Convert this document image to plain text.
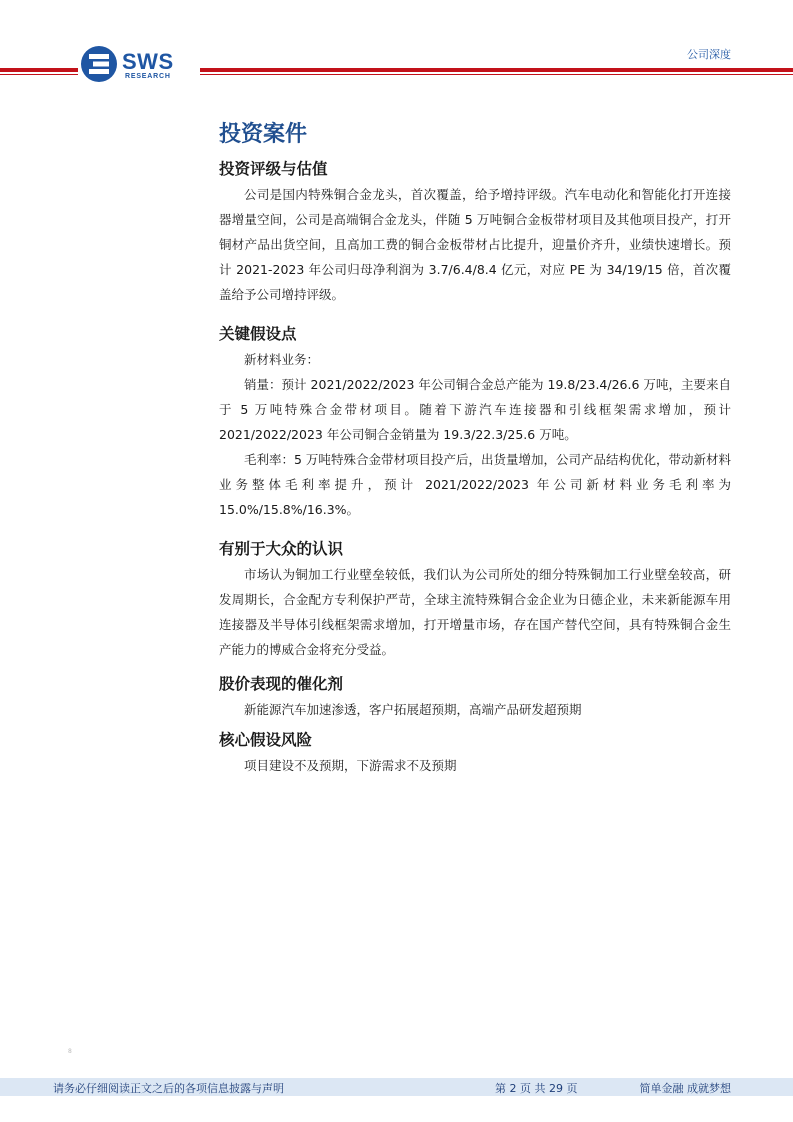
SWS
RESEARCH
公司深度
投资案件
投资评级与估值

公司是国内特殊铜合金龙头，首次覆盖，给予增持评级。汽车电动化和智能化打开连接器增量空间，公司是高端铜合金龙头，伴随 5 万吨铜合金板带材项目及其他项目投产，打开铜材产品出货空间，且高加工费的铜合金板带材占比提升，迎量价齐升，业绩快速增长。预计 2021-2023 年公司归母净利润为 3.7/6.4/8.4 亿元，对应 PE 为 34/19/15 倍，首次覆盖给予公司增持评级。

关键假设点

新材料业务：

销量：预计 2021/2022/2023 年公司铜合金总产能为 19.8/23.4/26.6 万吨，主要来自于 5 万吨特殊合金带材项目。随着下游汽车连接器和引线框架需求增加，预计 2021/2022/2023 年公司铜合金销量为 19.3/22.3/25.6 万吨。

毛利率：5 万吨特殊合金带材项目投产后，出货量增加，公司产品结构优化，带动新材料业务整体毛利率提升，预计 2021/2022/2023 年公司新材料业务毛利率为 15.0%/15.8%/16.3%。

有别于大众的认识

市场认为铜加工行业壁垒较低，我们认为公司所处的细分特殊铜加工行业壁垒较高，研发周期长，合金配方专利保护严苛，全球主流特殊铜合金企业为日德企业，未来新能源车用连接器及半导体引线框架需求增加，打开增量市场，存在国产替代空间，具有特殊铜合金生产能力的博威合金将充分受益。

股价表现的催化剂

新能源汽车加速渗透，客户拓展超预期，高端产品研发超预期

核心假设风险

项目建设不及预期，下游需求不及预期

8
请务必仔细阅读正文之后的各项信息披露与声明	第 2 页 共 29 页	简单金融 成就梦想
